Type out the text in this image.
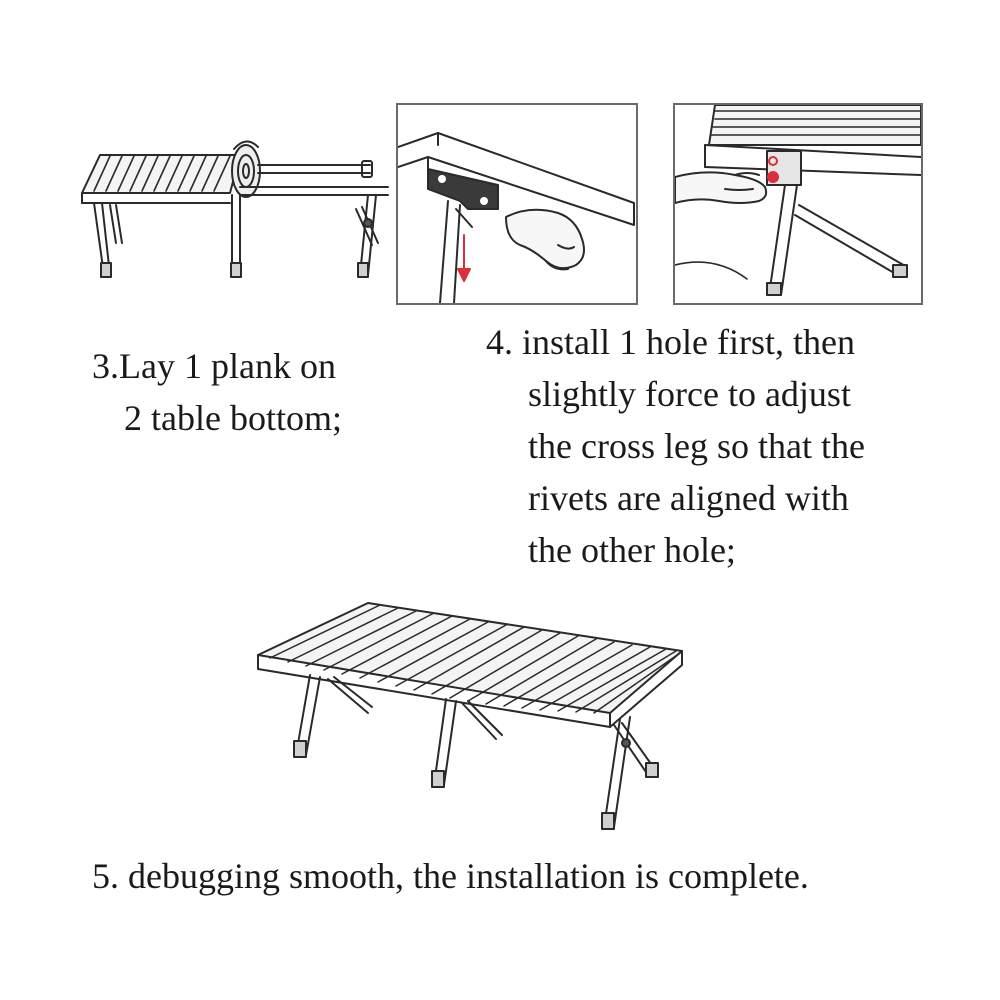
3.Lay 1 plank on
2 table bottom;

4. install 1 hole first, then
slightly force to adjust
the cross leg so that the
rivets are aligned with
the other hole;

5. debugging smooth, the installation is complete.
